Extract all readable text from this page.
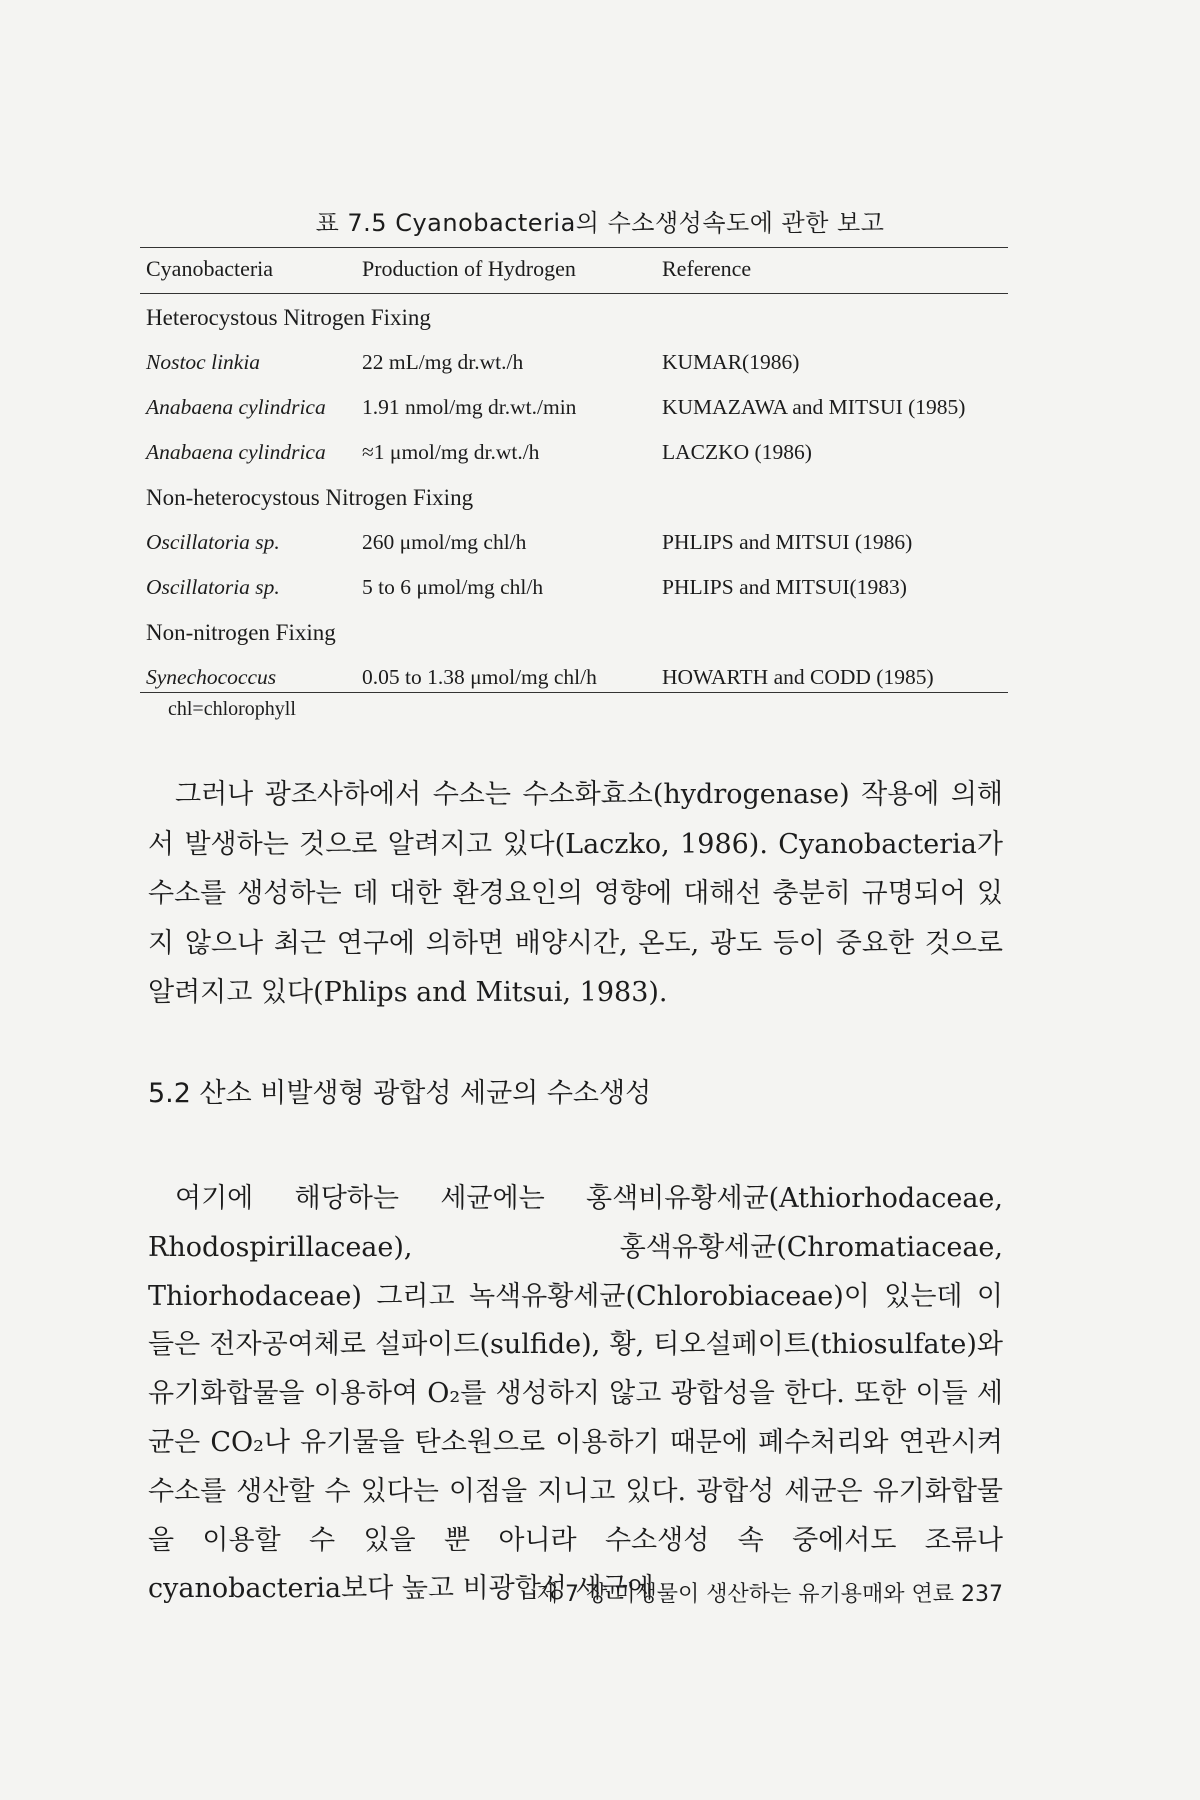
표 7.5 Cyanobacteria의 수소생성속도에 관한 보고
Cyanobacteria	Production of Hydrogen	Reference
Heterocystous Nitrogen Fixing
Nostoc linkia	22 mL/mg dr.wt./h	KUMAR(1986)
Anabaena cylindrica 1.91 nmol/mg dr.wt./min	KUMAZAWA and MITSUI (1985)
Anabaena cylindrica ≈1 μmol/mg dr.wt./h	LACZKO (1986)
Non-heterocystous Nitrogen Fixing
Oscillatoria sp.	260 μmol/mg chl/h	PHLIPS and MITSUI (1986)
Oscillatoria sp.	5 to 6 μmol/mg chl/h	PHLIPS and MITSUI(1983)
Non-nitrogen Fixing
Synechococcus	0.05 to 1.38 μmol/mg chl/h	HOWARTH and CODD (1985)
chl=chlorophyll
그러나 광조사하에서 수소는 수소화효소(hydrogenase) 작용에 의해서 발생하는 것으로 알려지고 있다(Laczko, 1986). Cyanobacteria가 수소를 생성하는 데 대한 환경요인의 영향에 대해선 충분히 규명되어 있지 않으나 최근 연구에 의하면 배양시간, 온도, 광도 등이 중요한 것으로 알려지고 있다(Phlips and Mitsui, 1983).
5.2 산소 비발생형 광합성 세균의 수소생성
여기에 해당하는 세균에는 홍색비유황세균(Athiorhodaceae, Rhodospirillaceae), 홍색유황세균(Chromatiaceae, Thiorhodaceae) 그리고 녹색유황세균(Chlorobiaceae)이 있는데 이들은 전자공여체로 설파이드(sulfide), 황, 티오설페이트(thiosulfate)와 유기화합물을 이용하여 O₂를 생성하지 않고 광합성을 한다. 또한 이들 세균은 CO₂나 유기물을 탄소원으로 이용하기 때문에 폐수처리와 연관시켜 수소를 생산할 수 있다는 이점을 지니고 있다. 광합성 세균은 유기화합물을 이용할 수 있을 뿐 아니라 수소생성 속 중에서도 조류나 cyanobacteria보다 높고 비광합성 세균에
제 7 장 미생물이 생산하는 유기용매와 연료 237
